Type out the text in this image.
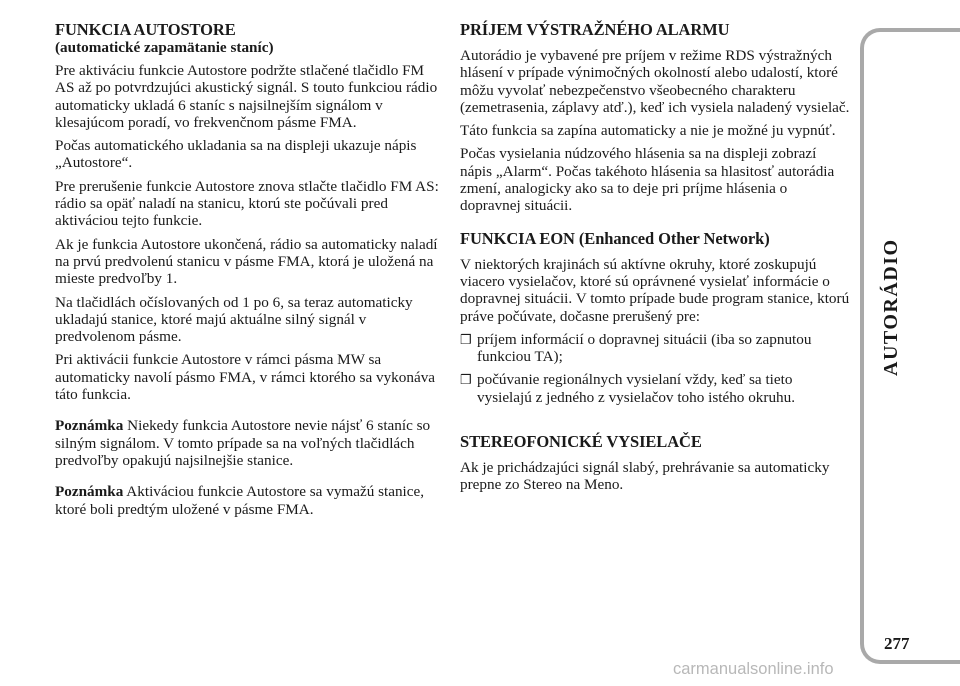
FUNKCIA AUTOSTORE
(automatické zapamätanie staníc)

Pre aktiváciu funkcie Autostore podržte stlačené tlačidlo FM AS až po potvrdzujúci akustický signál. S touto funkciou rádio automaticky ukladá 6 staníc s najsilnejším signálom v klesajúcom poradí, vo frekvenčnom pásme FMA.

Počas automatického ukladania sa na displeji ukazuje nápis „Autostore“.

Pre prerušenie funkcie Autostore znova stlačte tlačidlo FM AS: rádio sa opäť naladí na stanicu, ktorú ste počúvali pred aktiváciou tejto funkcie.

Ak je funkcia Autostore ukončená, rádio sa automaticky naladí na prvú predvolenú stanicu v pásme FMA, ktorá je uložená na mieste predvoľby 1.

Na tlačidlách očíslovaných od 1 po 6, sa teraz automaticky ukladajú stanice, ktoré majú aktuálne silný signál v predvolenom pásme.

Pri aktivácii funkcie Autostore v rámci pásma MW sa automaticky navolí pásmo FMA, v rámci ktorého sa vykonáva táto funkcia.

Poznámka Niekedy funkcia Autostore nevie nájsť 6 staníc so silným signálom. V tomto prípade sa na voľných tlačidlách predvoľby opakujú najsilnejšie stanice.

Poznámka Aktiváciou funkcie Autostore sa vymažú stanice, ktoré boli predtým uložené v pásme FMA.

PRÍJEM VÝSTRAŽNÉHO ALARMU

Autorádio je vybavené pre príjem v režime RDS výstražných hlásení v prípade výnimočných okolností alebo udalostí, ktoré môžu vyvolať nebezpečenstvo všeobecného charakteru (zemetrasenia, záplavy atď.), keď ich vysiela naladený vysielač.

Táto funkcia sa zapína automaticky a nie je možné ju vypnúť.

Počas vysielania núdzového hlásenia sa na displeji zobrazí nápis „Alarm“. Počas takéhoto hlásenia sa hlasitosť autorádia zmení, analogicky ako sa to deje pri príjme hlásenia o dopravnej situácii.

FUNKCIA EON (Enhanced Other Network)

V niektorých krajinách sú aktívne okruhy, ktoré zoskupujú viacero vysielačov, ktoré sú oprávnené vysielať informácie o dopravnej situácii. V tomto prípade bude program stanice, ktorú práve počúvate, dočasne prerušený pre:

❒ príjem informácií o dopravnej situácii (iba so zapnutou funkciou TA);
❒ počúvanie regionálnych vysielaní vždy, keď sa tieto vysielajú z jedného z vysielačov toho istého okruhu.
STEREOFONICKÉ VYSIELAČE

Ak je prichádzajúci signál slabý, prehrávanie sa automaticky prepne zo Stereo na Meno.

AUTORÁDIO
277
carmanualsonline.info
